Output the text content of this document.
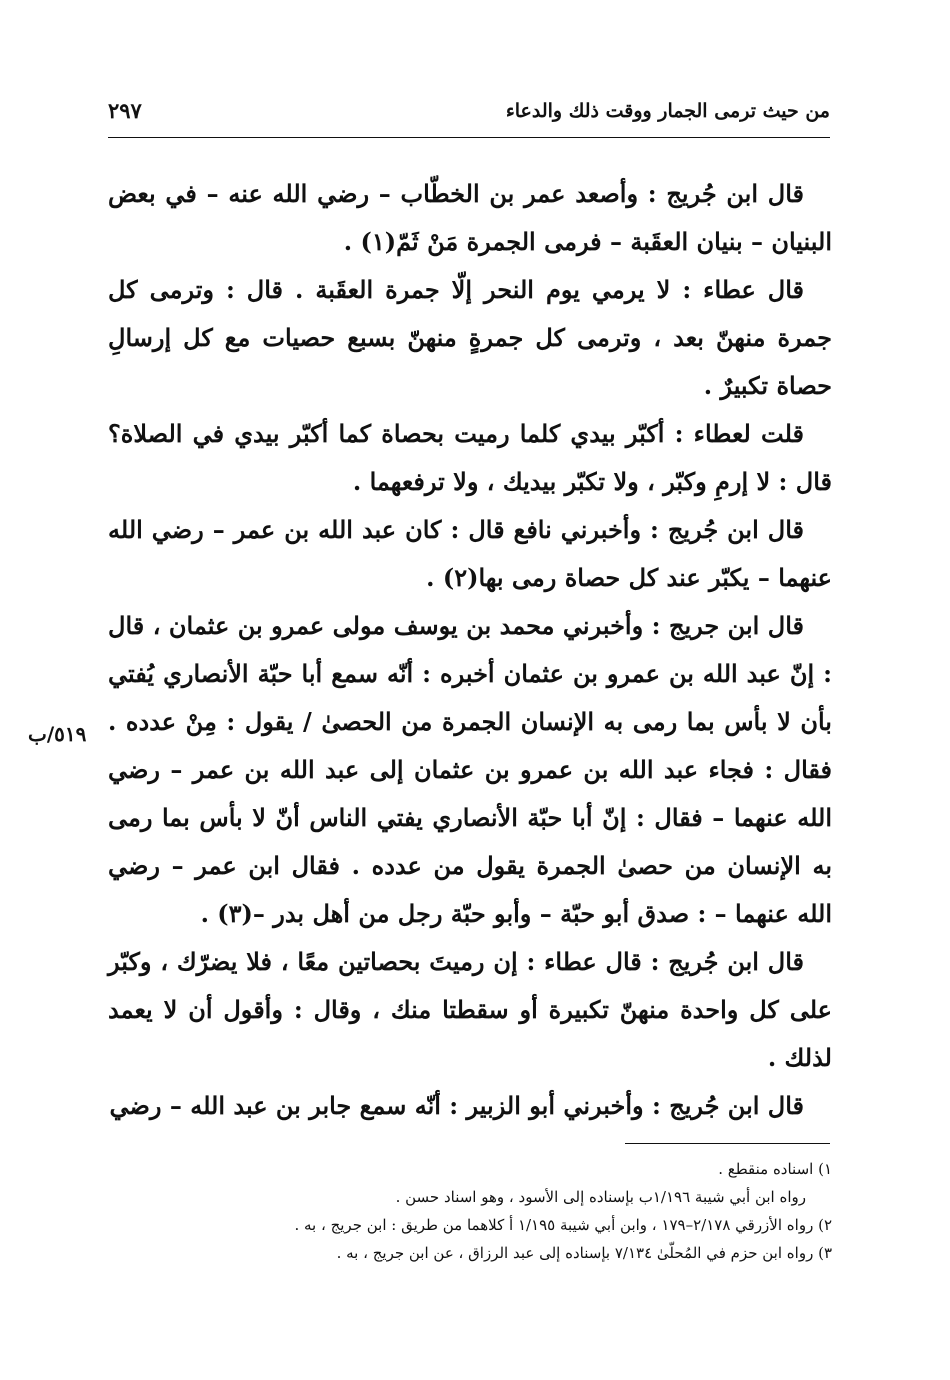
من حيث ترمى الجمار ووقت ذلك والدعاء
٢٩٧
٥١٩/ب

قال ابن جُريج : وأصعد عمر بن الخطّاب – رضي الله عنه – في بعض البنيان – بنيان العقَبة – فرمى الجمرة مَنْ ثَمّ(١) .

قال عطاء : لا يرمي يوم النحر إلّا جمرة العقَبة . قال : وترمى كل جمرة منهنّ بعد ، وترمى كل جمرةٍ منهنّ بسبع حصيات مع كل إرسالِ حصاة تكبيرٌ .

قلت لعطاء : أكبّر بيدي كلما رميت بحصاة كما أكبّر بيدي في الصلاة؟ قال : لا إرمِ وكبّر ، ولا تكبّر بيديك ، ولا ترفعهما .

قال ابن جُريج : وأخبرني نافع قال : كان عبد الله بن عمر – رضي الله عنهما – يكبّر عند كل حصاة رمى بها(٢) .

قال ابن جريج : وأخبرني محمد بن يوسف مولى عمرو بن عثمان ، قال : إنّ عبد الله بن عمرو بن عثمان أخبره : أنّه سمع أبا حبّة الأنصاري يُفتي بأن لا بأس بما رمى به الإنسان الجمرة من الحصىٰ / يقول : مِنْ عدده . فقال : فجاء عبد الله بن عمرو بن عثمان إلى عبد الله بن عمر – رضي الله عنهما – فقال : إنّ أبا حبّة الأنصاري يفتي الناس أنّ لا بأس بما رمى به الإنسان من حصىٰ الجمرة يقول من عدده . فقال ابن عمر – رضي الله عنهما – : صدق أبو حبّة – وأبو حبّة رجل من أهل بدر –(٣) .

قال ابن جُريج : قال عطاء : إن رميتَ بحصاتين معًا ، فلا يضرّك ، وكبّر على كل واحدة منهنّ تكبيرة أو سقطتا منك ، وقال : وأقول أن لا يعمد لذلك .

قال ابن جُريج : وأخبرني أبو الزبير : أنّه سمع جابر بن عبد الله – رضي

١) اسناده منقطع .

رواه ابن أبي شيبة ١/١٩٦ب بإسناده إلى الأسود ، وهو اسناد حسن .

٢) رواه الأزرقي ٢/١٧٨–١٧٩ ، وابن أبي شيبة ١/١٩٥ أ كلاهما من طريق : ابن جريج ، به .

٣) رواه ابن حزم في المُحلّىٰ ٧/١٣٤ بإسناده إلى عبد الرزاق ، عن ابن جريج ، به .
